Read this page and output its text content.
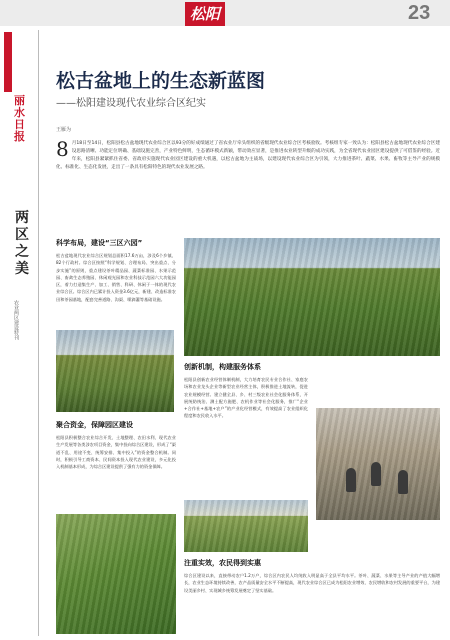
松阳	23
丽水日报
两区之美
农业两区建设特刊
松古盆地上的生态新蓝图
——松阳建设现代农业综合区纪实
王雁为
8 月18日至14日，松阳县松古盆地现代农业综合区以93分的好成绩通过了省农业厅牵头组织的省级现代农业综合区考核验收。考核组专家一致认为：松阳县松古盆地现代农业综合区建设思路清晰、功能定位明确、基础设施完善，产业特色鲜明，生态循环模式新颖，带动效应显著，是推进农业转型升级的成功实践，为全省现代农业园区建设提供了可借鉴的经验。近年来，松阳县紧紧抓住省委、省政府实施现代农业园区建设的重大机遇，以松古盆地为主战场，以建设现代农业综合区为引领，大力推进茶叶、蔬菜、水果、畜牧等主导产业的规模化、标准化、生态化发展，走出了一条具有松阳特色的现代农业发展之路。
科学布局，建设“三区六园”
松古盆地现代农业综合区规划总面积17.6万亩，涉及6个乡镇、82个行政村。综合区按照“科学规划、合理布局、突出重点、分步实施”的原则，重点建设茶叶精品园、蔬菜标准园、水果示范园、畜禽生态养殖园、休闲观光园和农业科技示范园六大功能园区，着力打造集生产、加工、销售、科研、休闲于一体的现代农业综合区。综合区内已累计投入资金3.6亿元，新建、改造标准农田和茶园基地，配套完善道路、沟渠、喷滴灌等基础设施。
聚合资金，保障园区建设
松阳县积极整合农业综合开发、土地整理、农田水利、现代农业生产发展等各类涉农项目资金，集中投向综合区建设，形成了“渠道不乱、用途不变、统筹安排、集中投入”的资金整合机制。同时，积极引导工商资本、民间资本投入现代农业建设，多元化投入机制基本形成，为综合区建设提供了强有力的资金保障。
创新机制，构建服务体系
松阳县创新农业经营体制机制，大力培育农民专业合作社、家庭农场和农业龙头企业等新型农业经营主体，积极推进土地流转，促进农业规模经营。建立健全县、乡、村三级农业社会化服务体系，开展统防统治、测土配方施肥、农机作业等社会化服务，推广“企业+合作社+基地+农户”的产业化经营模式，有效提高了农业组织化程度和农民收入水平。
注重实效，农民得到实惠
综合区建设以来，直接带动农户1.2万户，综合区内农民人均纯收入明显高于全县平均水平。茶叶、蔬菜、水果等主导产业的产值大幅增长，农业生态环境持续改善，农产品质量安全水平不断提高，现代农业综合区已成为松阳农业增效、农民增收和农村发展的重要平台，为建设美丽乡村、实现城乡统筹发展奠定了坚实基础。
